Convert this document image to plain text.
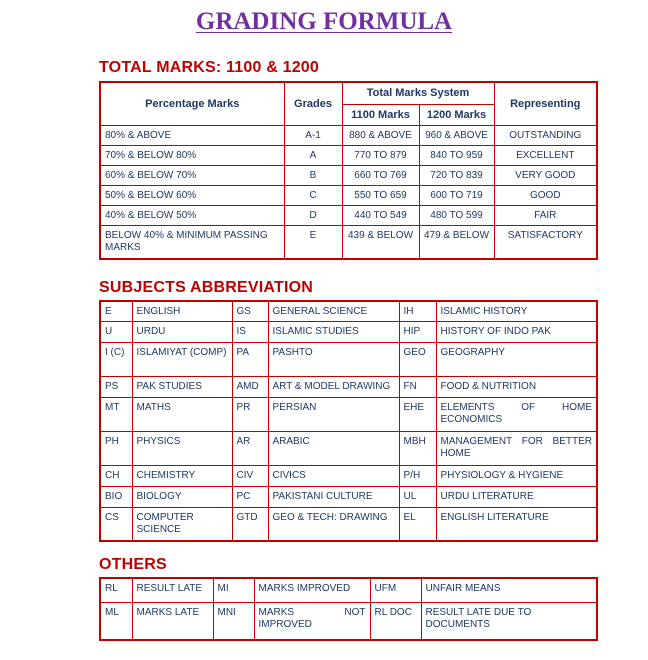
GRADING FORMULA
TOTAL MARKS: 1100 & 1200
Percentage Marks	Grades	Total Marks System		Representing
		1100 Marks	1200 Marks	
80% & ABOVE	A-1	880 & ABOVE	960 & ABOVE	OUTSTANDING
70% & BELOW 80%	A	770 TO 879	840 TO 959	EXCELLENT
60% & BELOW 70%	B	660 TO 769	720 TO 839	VERY GOOD
50% & BELOW 60%	C	550 TO 659	600 TO 719	GOOD
40% & BELOW 50%	D	440 TO 549	480 TO 599	FAIR
BELOW 40% & MINIMUM PASSING MARKS	E	439 & BELOW	479 & BELOW	SATISFACTORY
SUBJECTS ABBREVIATION
E	ENGLISH	GS	GENERAL SCIENCE	IH	ISLAMIC HISTORY
U	URDU	IS	ISLAMIC STUDIES	HIP	HISTORY OF INDO PAK
I (C)	ISLAMIYAT (COMP)	PA	PASHTO	GEO	GEOGRAPHY
PS	PAK STUDIES	AMD	ART & MODEL DRAWING	FN	FOOD & NUTRITION
MT	MATHS	PR	PERSIAN	EHE	ELEMENTS OF HOME ECONOMICS
PH	PHYSICS	AR	ARABIC	MBH	MANAGEMENT FOR BETTER HOME
CH	CHEMISTRY	CIV	CIVICS	P/H	PHYSIOLOGY & HYGIENE
BIO	BIOLOGY	PC	PAKISTANI CULTURE	UL	URDU LITERATURE
CS	COMPUTER SCIENCE	GTD	GEO & TECH: DRAWING	EL	ENGLISH LITERATURE
OTHERS
RL	RESULT LATE	MI	MARKS IMPROVED	UFM	UNFAIR MEANS
ML	MARKS LATE	MNI	MARKS NOT IMPROVED	RL DOC	RESULT LATE DUE TO DOCUMENTS
